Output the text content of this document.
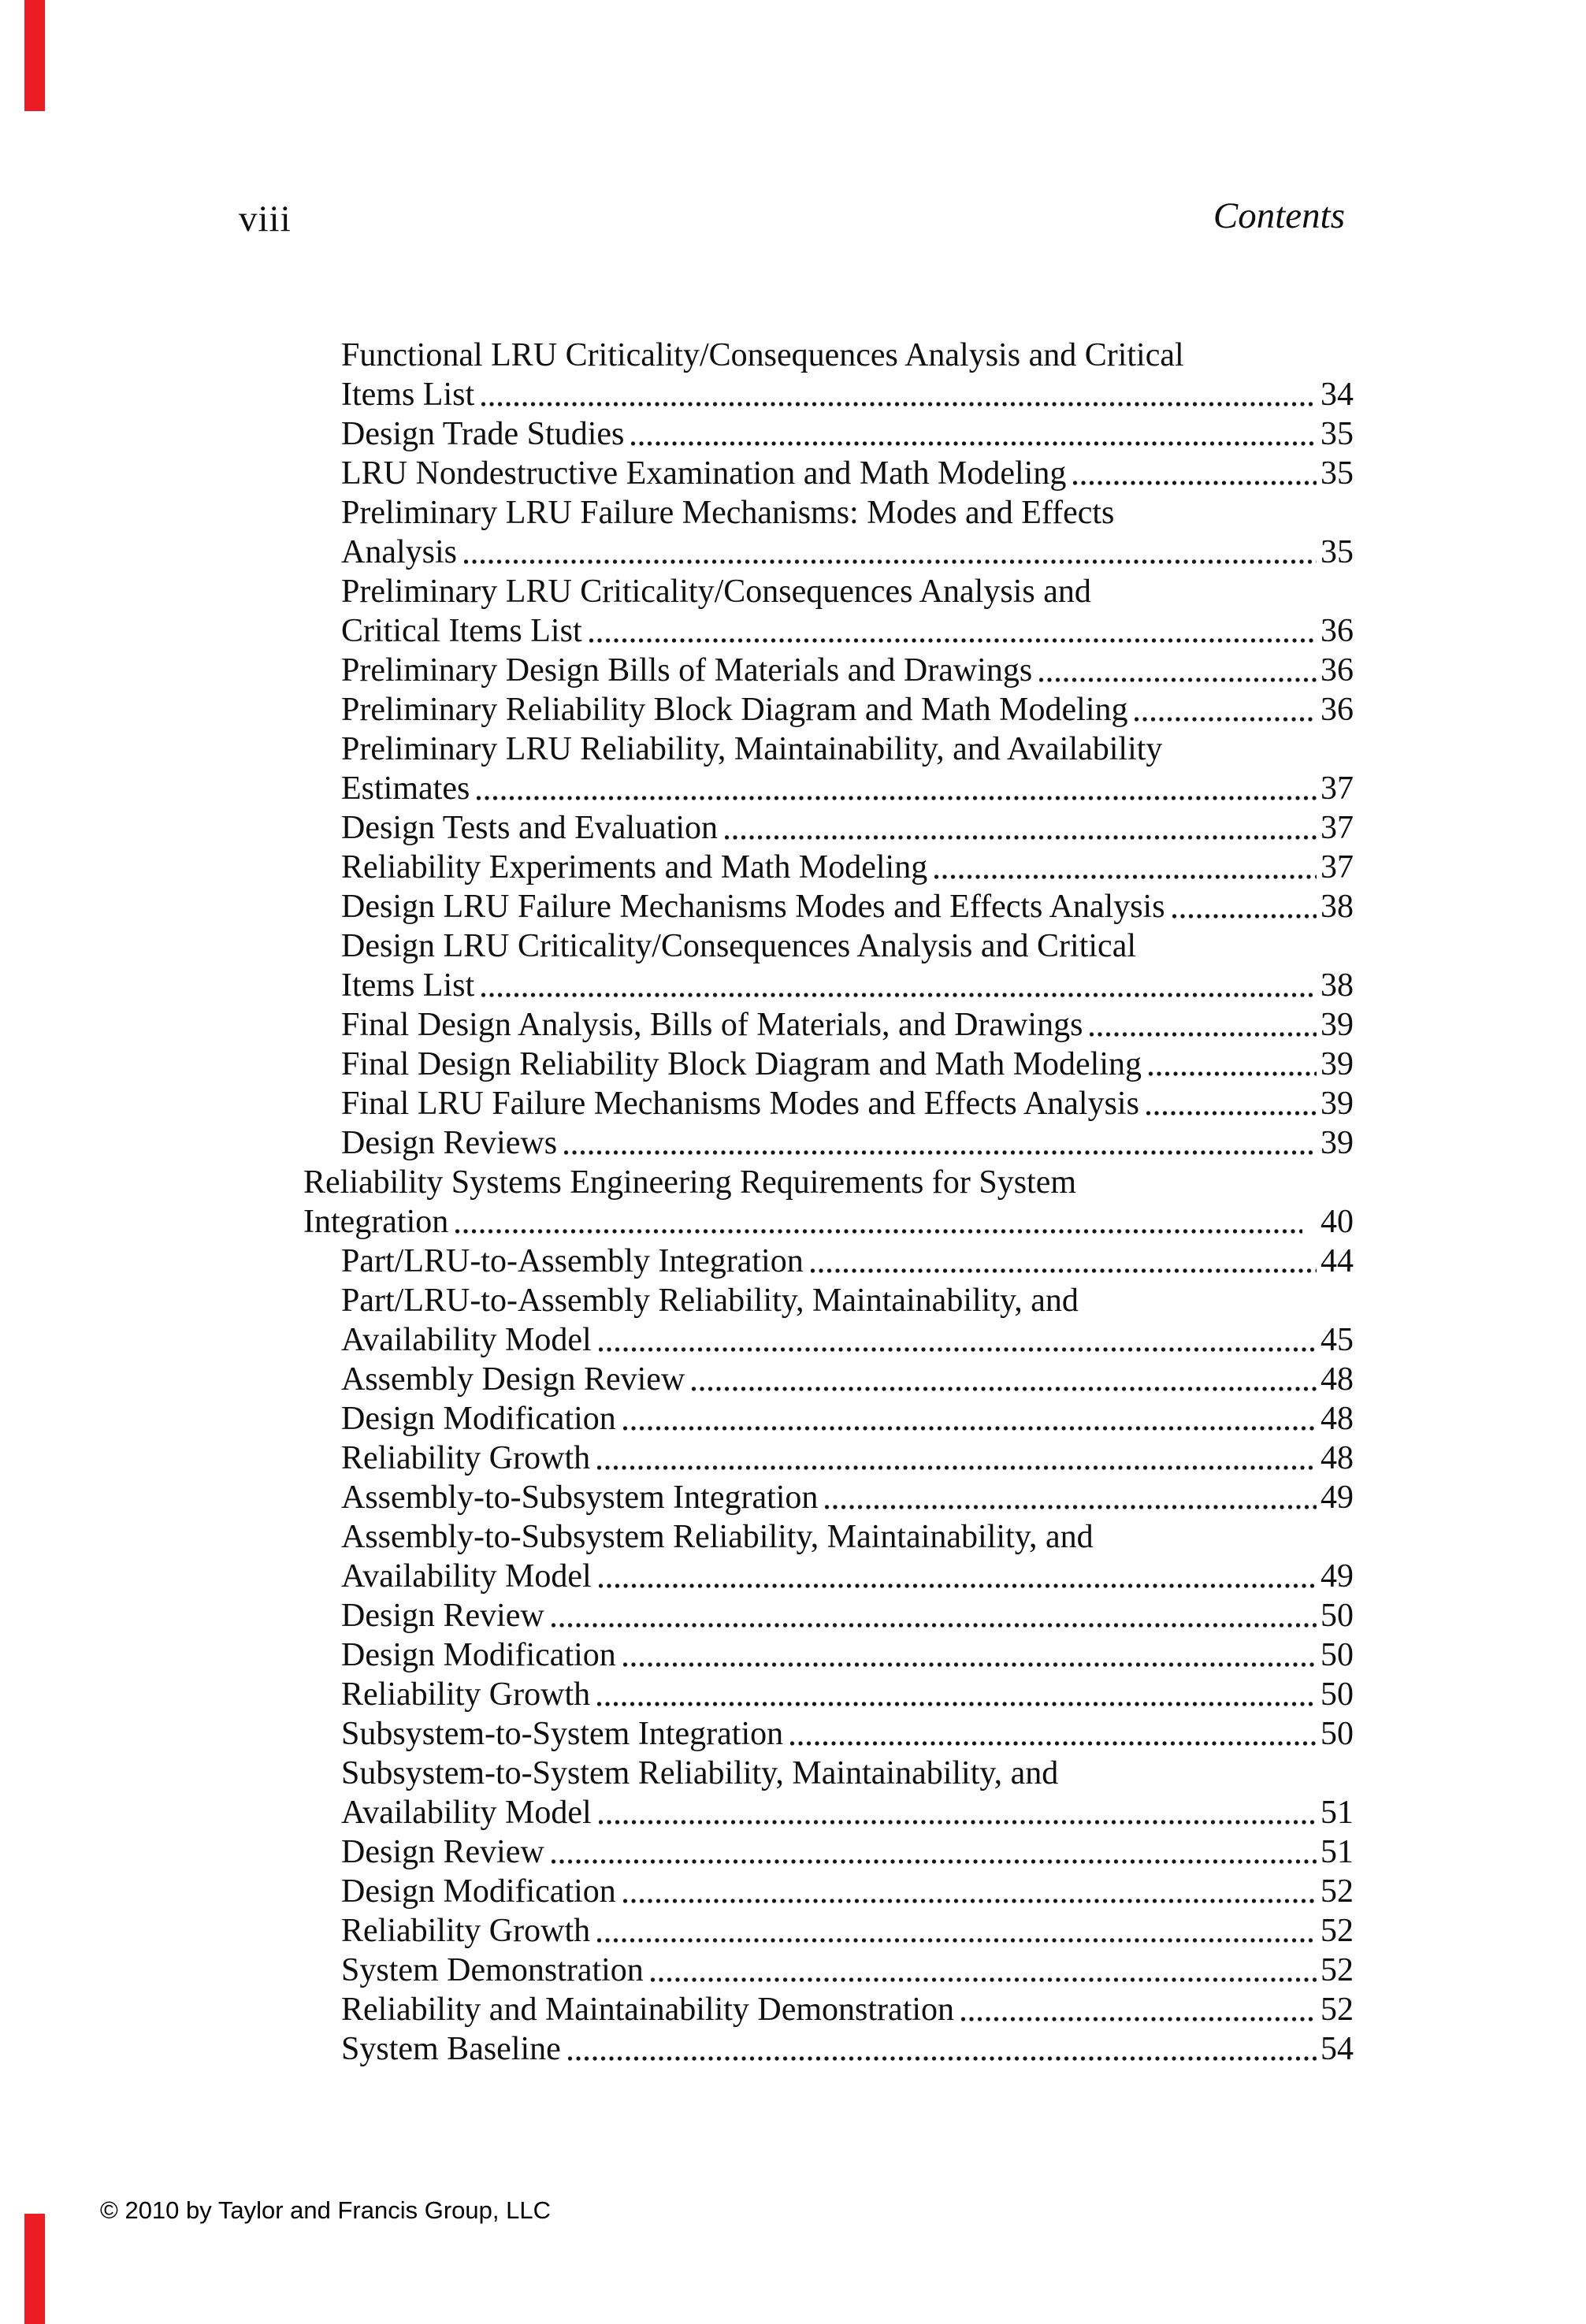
viii	Contents
Functional LRU Criticality/Consequences Analysis and Critical
Items List	34
Design Trade Studies	35
LRU Nondestructive Examination and Math Modeling	35
Preliminary LRU Failure Mechanisms: Modes and Effects
Analysis	35
Preliminary LRU Criticality/Consequences Analysis and
Critical Items List	36
Preliminary Design Bills of Materials and Drawings	36
Preliminary Reliability Block Diagram and Math Modeling	36
Preliminary LRU Reliability, Maintainability, and Availability
Estimates	37
Design Tests and Evaluation	37
Reliability Experiments and Math Modeling	37
Design LRU Failure Mechanisms Modes and Effects Analysis	38
Design LRU Criticality/Consequences Analysis and Critical
Items List	38
Final Design Analysis, Bills of Materials, and Drawings	39
Final Design Reliability Block Diagram and Math Modeling	39
Final LRU Failure Mechanisms Modes and Effects Analysis	39
Design Reviews	39
Reliability Systems Engineering Requirements for System
Integration	40
Part/LRU-to-Assembly Integration	44
Part/LRU-to-Assembly Reliability, Maintainability, and
Availability Model	45
Assembly Design Review	48
Design Modification	48
Reliability Growth	48
Assembly-to-Subsystem Integration	49
Assembly-to-Subsystem Reliability, Maintainability, and
Availability Model	49
Design Review	50
Design Modification	50
Reliability Growth	50
Subsystem-to-System Integration	50
Subsystem-to-System Reliability, Maintainability, and
Availability Model	51
Design Review	51
Design Modification	52
Reliability Growth	52
System Demonstration	52
Reliability and Maintainability Demonstration	52
System Baseline	54
© 2010 by Taylor and Francis Group, LLC
